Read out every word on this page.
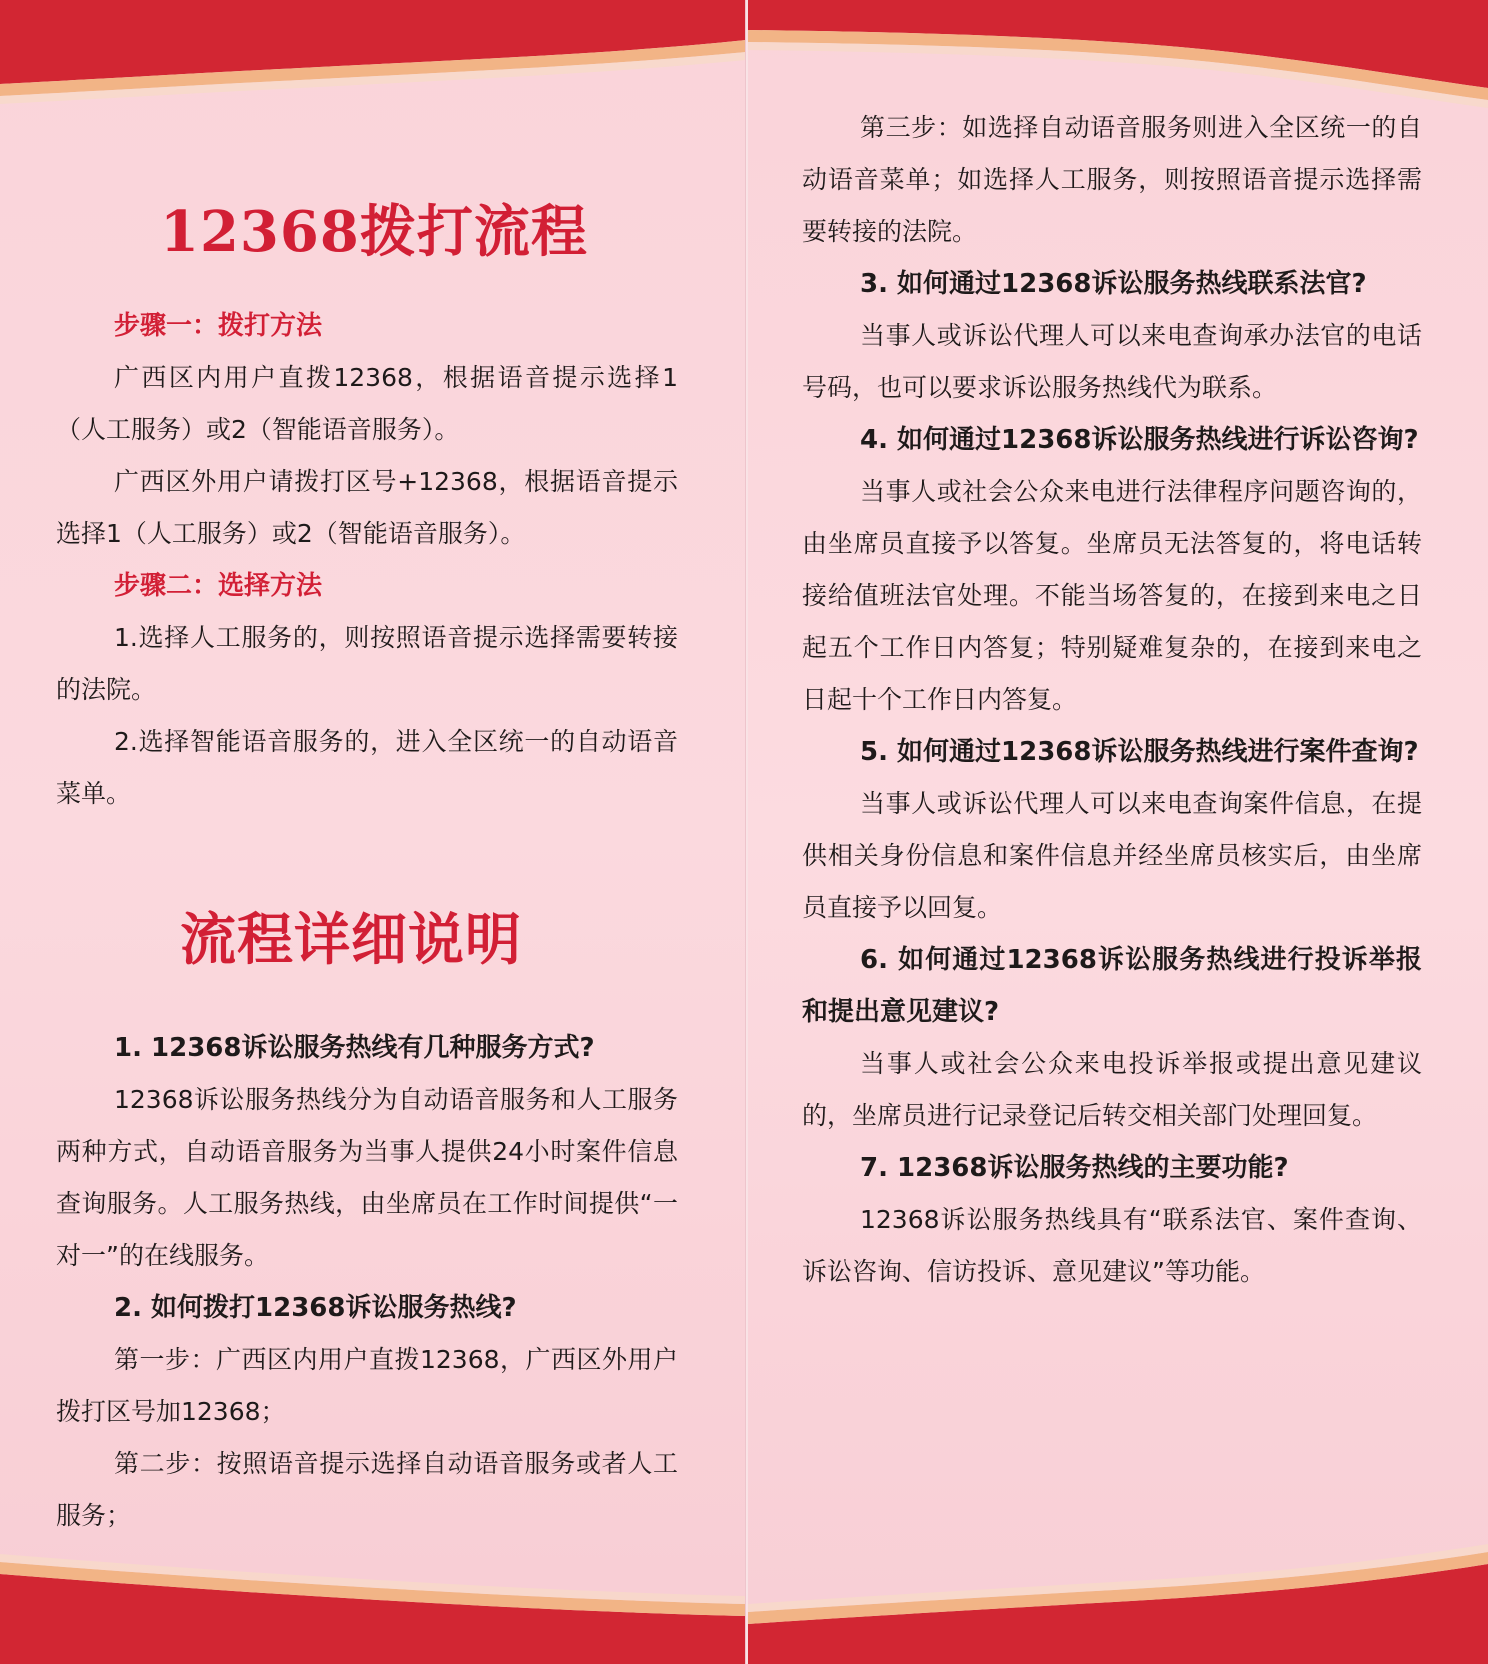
12368拨打流程

步骤一：拨打方法

广西区内用户直拨12368，根据语音提示选择1（人工服务）或2（智能语音服务）。

广西区外用户请拨打区号+12368，根据语音提示选择1（人工服务）或2（智能语音服务）。

步骤二：选择方法

1.选择人工服务的，则按照语音提示选择需要转接的法院。

2.选择智能语音服务的，进入全区统一的自动语音菜单。

流程详细说明

1. 12368诉讼服务热线有几种服务方式?

12368诉讼服务热线分为自动语音服务和人工服务两种方式，自动语音服务为当事人提供24小时案件信息查询服务。人工服务热线，由坐席员在工作时间提供“一对一”的在线服务。

2. 如何拨打12368诉讼服务热线?

第一步：广西区内用户直拨12368，广西区外用户拨打区号加12368；

第二步：按照语音提示选择自动语音服务或者人工服务；

第三步：如选择自动语音服务则进入全区统一的自动语音菜单；如选择人工服务，则按照语音提示选择需要转接的法院。

3. 如何通过12368诉讼服务热线联系法官?

当事人或诉讼代理人可以来电查询承办法官的电话号码，也可以要求诉讼服务热线代为联系。

4. 如何通过12368诉讼服务热线进行诉讼咨询?

当事人或社会公众来电进行法律程序问题咨询的，由坐席员直接予以答复。坐席员无法答复的，将电话转接给值班法官处理。不能当场答复的，在接到来电之日起五个工作日内答复；特别疑难复杂的，在接到来电之日起十个工作日内答复。

5. 如何通过12368诉讼服务热线进行案件查询?

当事人或诉讼代理人可以来电查询案件信息，在提供相关身份信息和案件信息并经坐席员核实后，由坐席员直接予以回复。

6. 如何通过12368诉讼服务热线进行投诉举报和提出意见建议?

当事人或社会公众来电投诉举报或提出意见建议的，坐席员进行记录登记后转交相关部门处理回复。

7. 12368诉讼服务热线的主要功能?

12368诉讼服务热线具有“联系法官、案件查询、诉讼咨询、信访投诉、意见建议”等功能。
